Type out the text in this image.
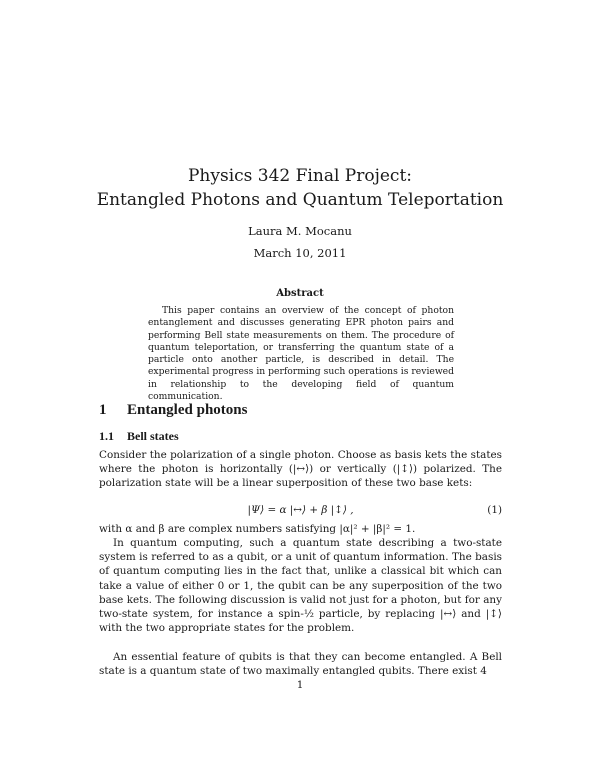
Physics 342 Final Project:
Entangled Photons and Quantum Teleportation
Laura M. Mocanu
March 10, 2011
Abstract
This paper contains an overview of the concept of photon entanglement and discusses generating EPR photon pairs and performing Bell state measurements on them. The procedure of quantum teleportation, or transferring the quantum state of a particle onto another particle, is described in detail. The experimental progress in performing such operations is reviewed in relationship to the developing field of quantum communication.
1 Entangled photons
1.1 Bell states
Consider the polarization of a single photon. Choose as basis kets the states where the photon is horizontally (|↔⟩) or vertically (|↕⟩) polarized. The polarization state will be a linear superposition of these two base kets:
|Ψ⟩ = α |↔⟩ + β |↕⟩ ,	(1)
with α and β are complex numbers satisfying |α|² + |β|² = 1.
In quantum computing, such a quantum state describing a two-state system is referred to as a qubit, or a unit of quantum information. The basis of quantum computing lies in the fact that, unlike a classical bit which can take a value of either 0 or 1, the qubit can be any superposition of the two base kets. The following discussion is valid not just for a photon, but for any two-state system, for instance a spin-½ particle, by replacing |↔⟩ and |↕⟩ with the two appropriate states for the problem.
An essential feature of qubits is that they can become entangled. A Bell state is a quantum state of two maximally entangled qubits. There exist 4
1
